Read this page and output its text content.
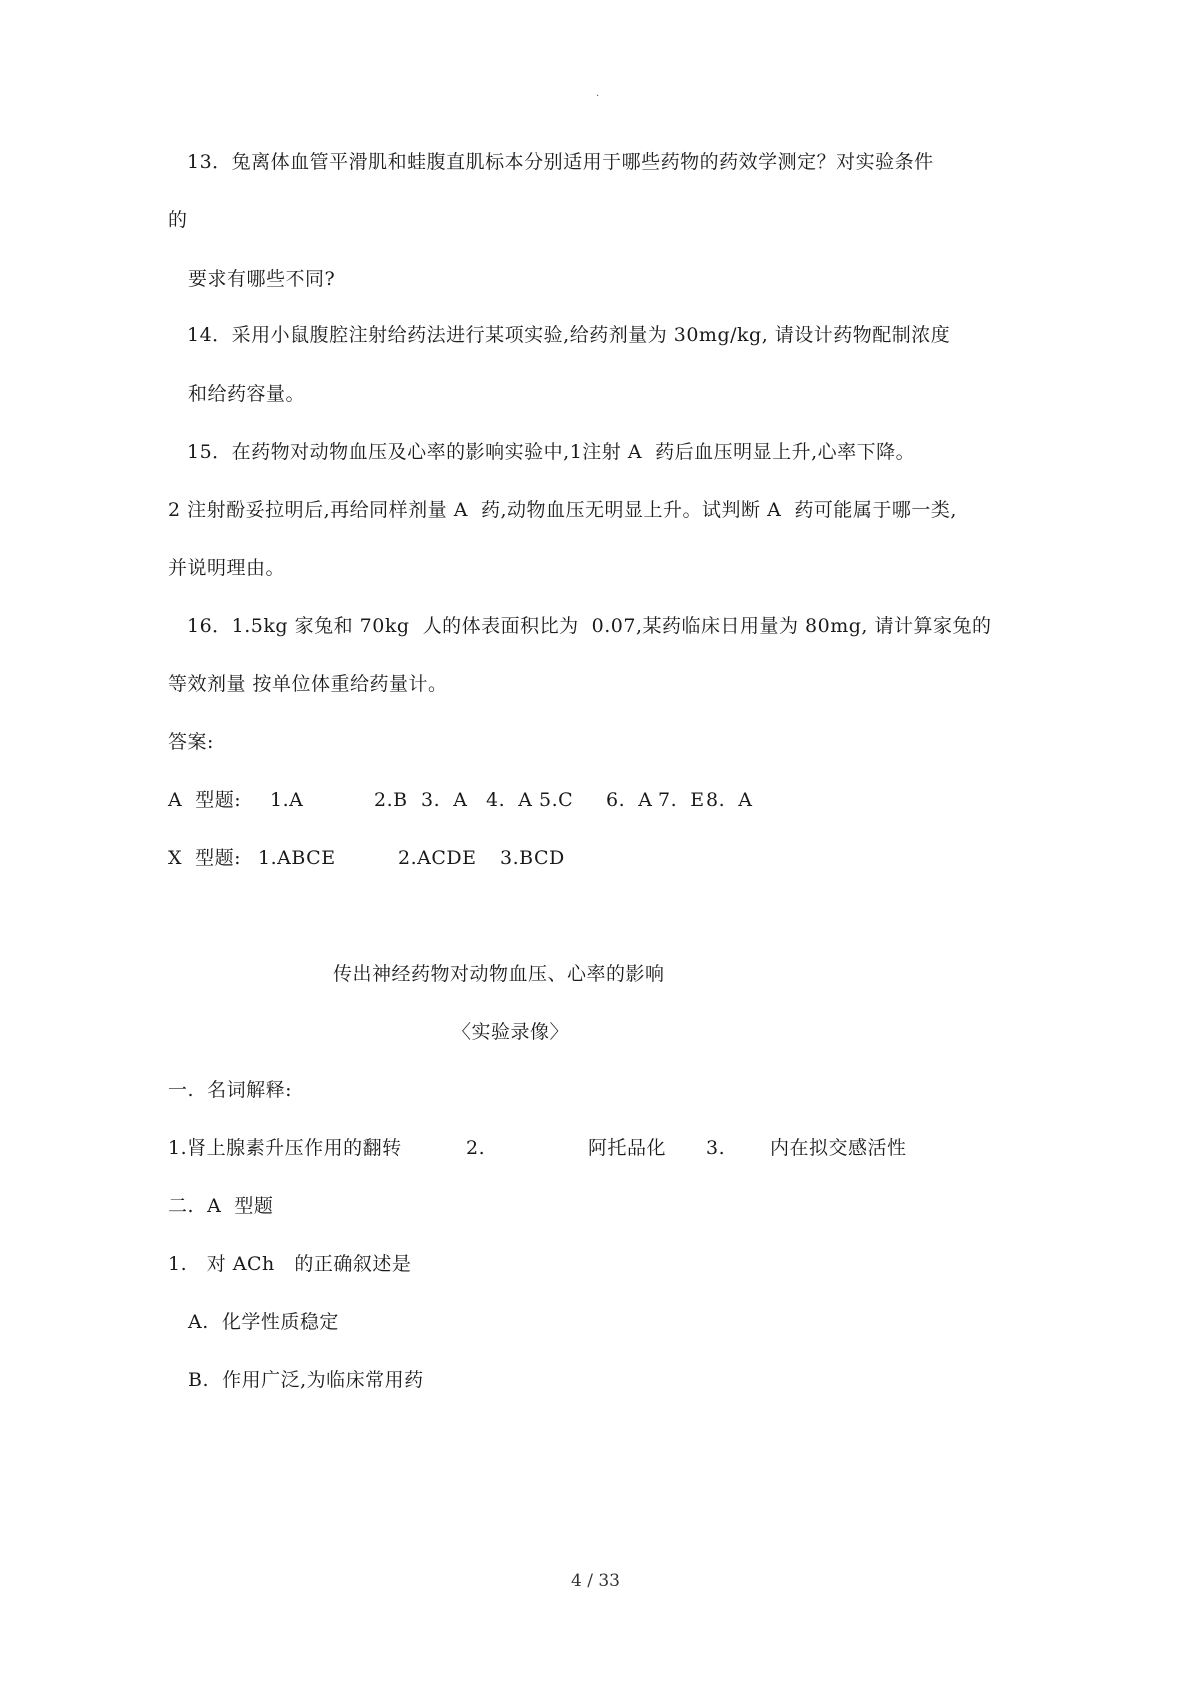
·
13．兔离体血管平滑肌和蛙腹直肌标本分别适用于哪些药物的药效学测定？对实验条件
的
要求有哪些不同?
14．采用小鼠腹腔注射给药法进行某项实验,给药剂量为 30mg/kg, 请设计药物配制浓度
和给药容量。
15．在药物对动物血压及心率的影响实验中,1注射 A  药后血压明显上升,心率下降。
2 注射酚妥拉明后,再给同样剂量 A  药,动物血压无明显上升。试判断 A  药可能属于哪一类,
并说明理由。
16．1.5kg 家兔和 70kg  人的体表面积比为  0.07,某药临床日用量为 80mg, 请计算家兔的
等效剂量 按单位体重给药量计。
答案:
A  型题: 1.A	2.B 3.  A 4.  A 5.C 6.  A 7.  E 8.  A
X  型题: 1.ABCE	2.ACDE 3.BCD
传出神经药物对动物血压、心率的影响
〈实验录像〉
一.  名词解释:
1.肾上腺素升压作用的翻转	2.	阿托品化 3. 内在拟交感活性
二.  A  型题
1.   对 ACh   的正确叙述是
A.  化学性质稳定
B.  作用广泛,为临床常用药
4 / 33
